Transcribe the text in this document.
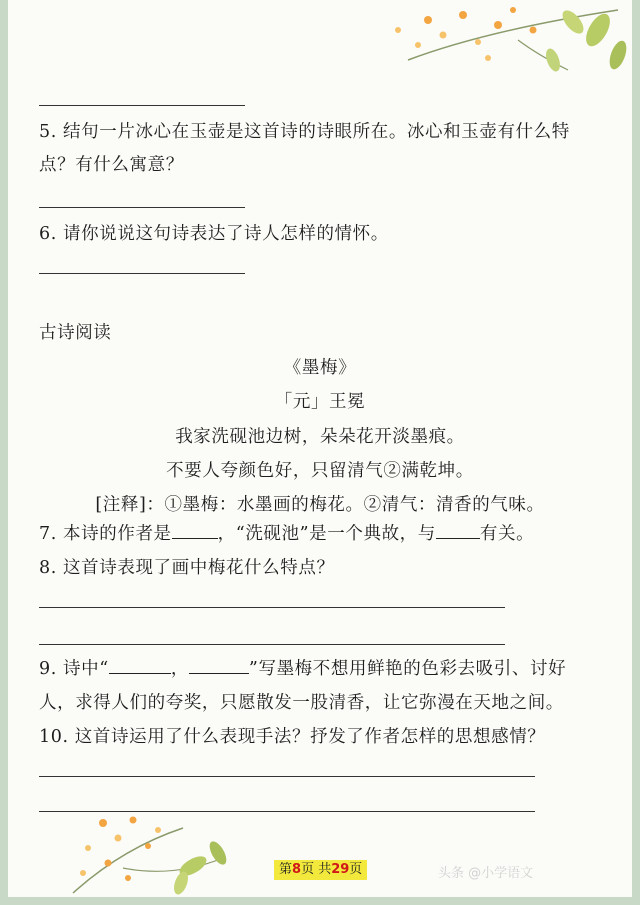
5. 结句一片冰心在玉壶是这首诗的诗眼所在。冰心和玉壶有什么特
点？有什么寓意？
6. 请你说说这句诗表达了诗人怎样的情怀。
古诗阅读
《墨梅》
「元」王冕
我家洗砚池边树，朵朵花开淡墨痕。
不要人夸颜色好，只留清气②满乾坤。
[注释]：①墨梅：水墨画的梅花。②清气：清香的气味。
7. 本诗的作者是	，“洗砚池”是一个典故，与	有关。
8. 这首诗表现了画中梅花什么特点？
9. 诗中“	，	”写墨梅不想用鲜艳的色彩去吸引、讨好
人，求得人们的夸奖，只愿散发一股清香，让它弥漫在天地之间。
10. 这首诗运用了什么表现手法？抒发了作者怎样的思想感情？
第8页 共29页	头条 @小学语文
